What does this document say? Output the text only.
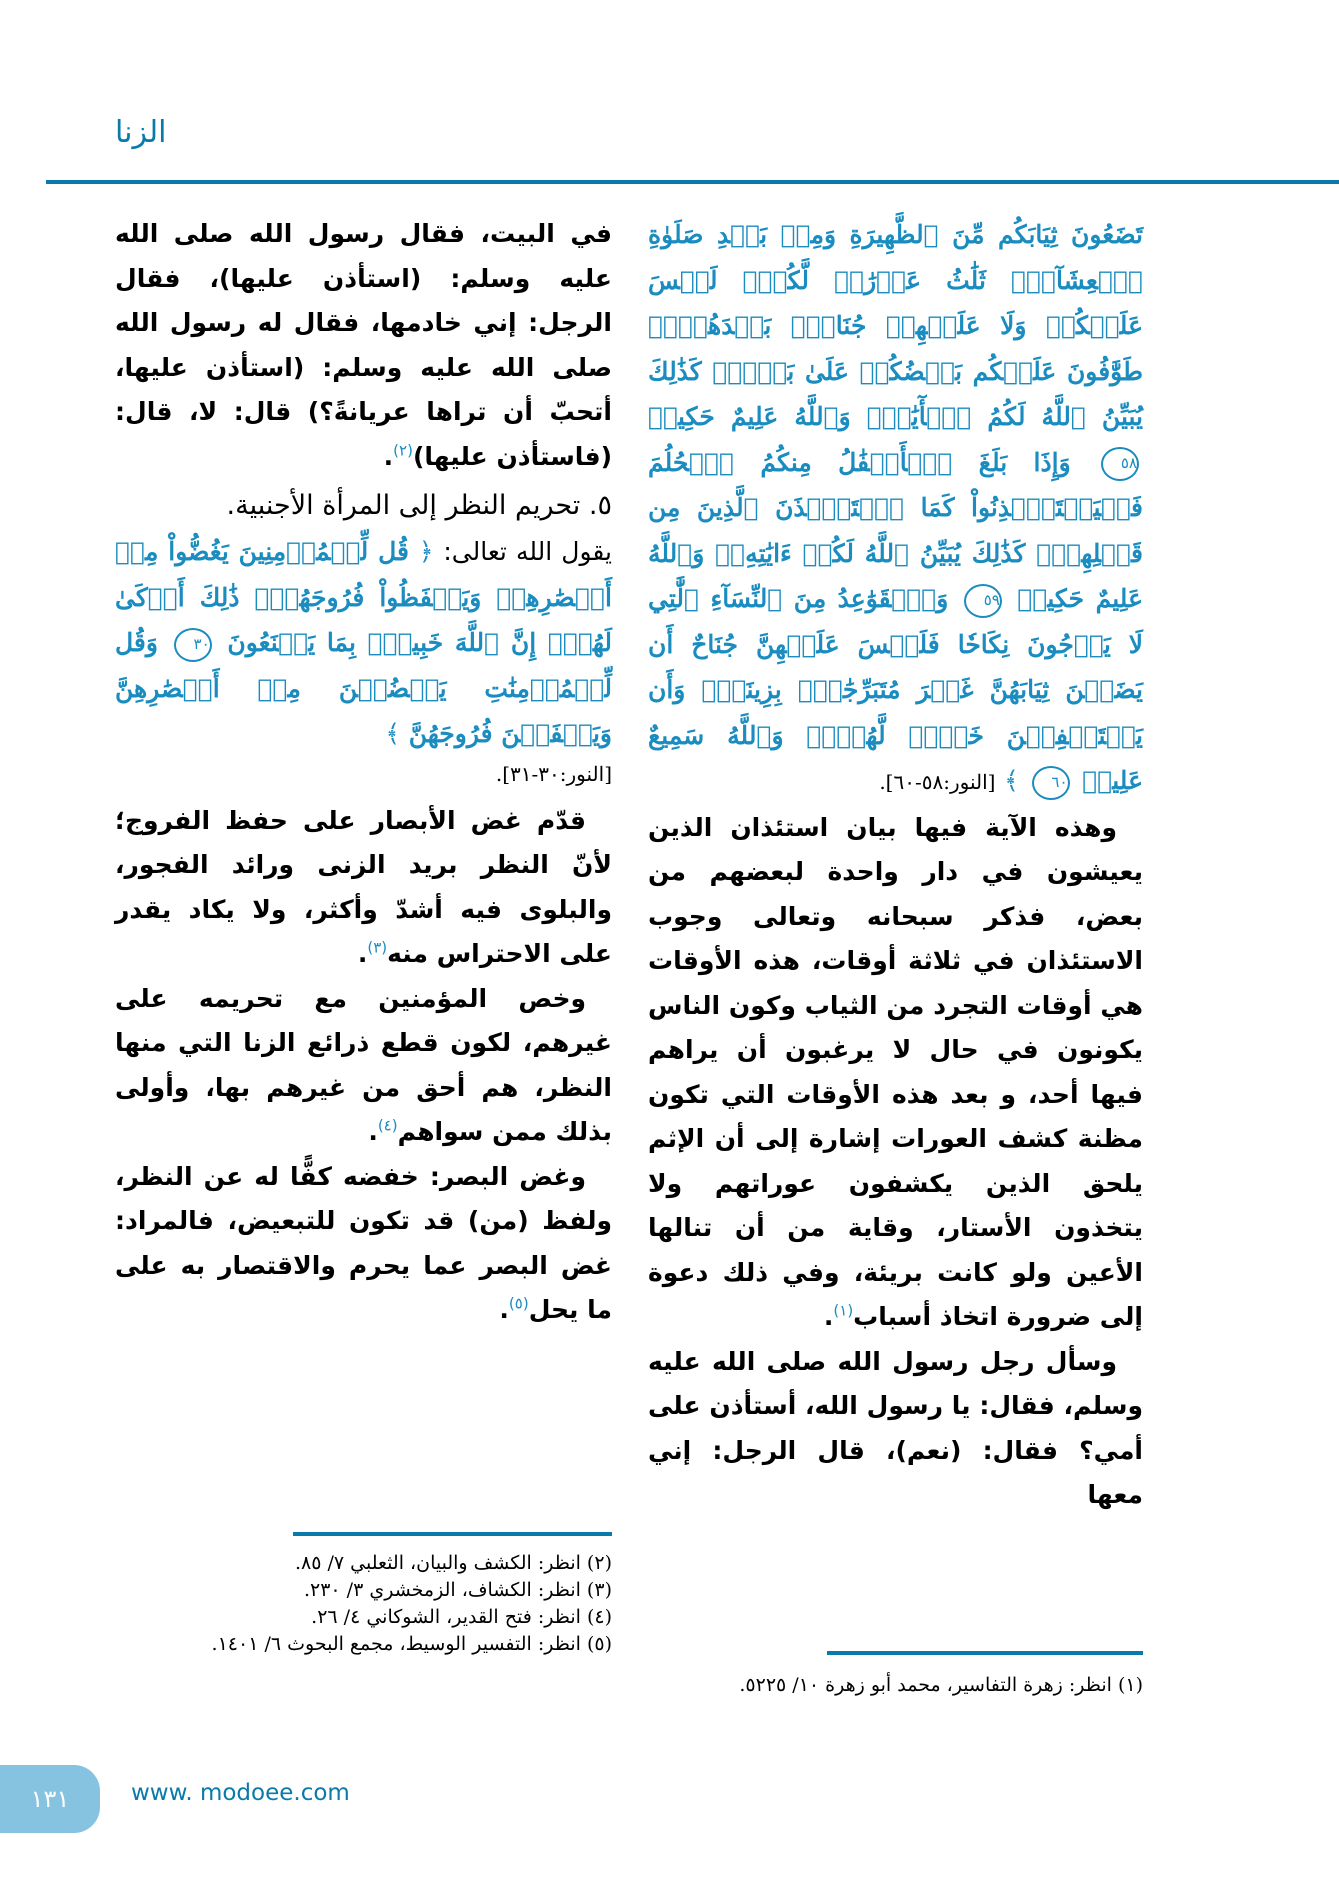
الزنا

تَضَعُونَ ثِيَابَكُم مِّنَ ٱلظَّهِيرَةِ وَمِنۢ بَعۡدِ صَلَوٰةِ ٱلۡعِشَآءِۚ ثَلَٰثُ عَوۡرَٰتٖ لَّكُمۡۚ لَيۡسَ عَلَيۡكُمۡ وَلَا عَلَيۡهِمۡ جُنَاحُۢ بَعۡدَهُنَّۚ طَوَّٰفُونَ عَلَيۡكُم بَعۡضُكُمۡ عَلَىٰ بَعۡضٖۚ كَذَٰلِكَ يُبَيِّنُ ٱللَّهُ لَكُمُ ٱلۡأٓيَٰتِۗ وَٱللَّهُ عَلِيمٌ حَكِيمٞ ٥٨ وَإِذَا بَلَغَ ٱلۡأَطۡفَٰلُ مِنكُمُ ٱلۡحُلُمَ فَلۡيَسۡتَـٔۡذِنُواْ كَمَا ٱسۡتَـٔۡذَنَ ٱلَّذِينَ مِن قَبۡلِهِمۡۚ كَذَٰلِكَ يُبَيِّنُ ٱللَّهُ لَكُمۡ ءَايَٰتِهِۦۗ وَٱللَّهُ عَلِيمٌ حَكِيمٞ ٥٩ وَٱلۡقَوَٰعِدُ مِنَ ٱلنِّسَآءِ ٱلَّٰتِي لَا يَرۡجُونَ نِكَاحٗا فَلَيۡسَ عَلَيۡهِنَّ جُنَاحٌ أَن يَضَعۡنَ ثِيَابَهُنَّ غَيۡرَ مُتَبَرِّجَٰتِۭ بِزِينَةٖۖ وَأَن يَسۡتَعۡفِفۡنَ خَيۡرٞ لَّهُنَّۗ وَٱللَّهُ سَمِيعٌ عَلِيمٞ ٦٠ ﴾ [النور:٥٨-٦٠].

وهذه الآية فيها بيان استئذان الذين يعيشون في دار واحدة لبعضهم من بعض، فذكر سبحانه وتعالى وجوب الاستئذان في ثلاثة أوقات، هذه الأوقات هي أوقات التجرد من الثياب وكون الناس يكونون في حال لا يرغبون أن يراهم فيها أحد، و بعد هذه الأوقات التي تكون مظنة كشف العورات إشارة إلى أن الإثم يلحق الذين يكشفون عوراتهم ولا يتخذون الأستار، وقاية من أن تنالها الأعين ولو كانت بريئة، وفي ذلك دعوة إلى ضرورة اتخاذ أسباب$^{(١)}$.

وسأل رجل رسول الله صلى الله عليه وسلم، فقال: يا رسول الله، أستأذن على أمي؟ فقال: (نعم)، قال الرجل: إني معها

(١) انظر: زهرة التفاسير، محمد أبو زهرة ١٠/ ٥٢٢٥.

في البيت، فقال رسول الله صلى الله عليه وسلم: (استأذن عليها)، فقال الرجل: إني خادمها، فقال له رسول الله صلى الله عليه وسلم: (استأذن عليها، أتحبّ أن تراها عريانةً؟) قال: لا، قال: (فاستأذن عليها)$^{(٢)}$.

٥. تحريم النظر إلى المرأة الأجنبية.

يقول الله تعالى: ﴿ قُل لِّلۡمُؤۡمِنِينَ يَغُضُّواْ مِنۡ أَبۡصَٰرِهِمۡ وَيَحۡفَظُواْ فُرُوجَهُمۡۚ ذَٰلِكَ أَزۡكَىٰ لَهُمۡۚ إِنَّ ٱللَّهَ خَبِيرُۢ بِمَا يَصۡنَعُونَ ٣٠ وَقُل لِّلۡمُؤۡمِنَٰتِ يَغۡضُضۡنَ مِنۡ أَبۡصَٰرِهِنَّ وَيَحۡفَظۡنَ فُرُوجَهُنَّ ﴾

[النور:٣٠-٣١].

قدّم غض الأبصار على حفظ الفروج؛ لأنّ النظر بريد الزنى ورائد الفجور، والبلوى فيه أشدّ وأكثر، ولا يكاد يقدر على الاحتراس منه$^{(٣)}$.

وخص المؤمنين مع تحريمه على غيرهم، لكون قطع ذرائع الزنا التي منها النظر، هم أحق من غيرهم بها، وأولى بذلك ممن سواهم$^{(٤)}$.

وغض البصر: خفضه كفًّا له عن النظر، ولفظ (من) قد تكون للتبعيض، فالمراد: غض البصر عما يحرم والاقتصار به على ما يحل$^{(٥)}$.

(٢) انظر: الكشف والبيان، الثعلبي ٧/ ٨٥.

(٣) انظر: الكشاف، الزمخشري ٣/ ٢٣٠.

(٤) انظر: فتح القدير، الشوكاني ٤/ ٢٦.

(٥) انظر: التفسير الوسيط، مجمع البحوث ٦/ ١٤٠١.

١٣١	www. modoee.com
